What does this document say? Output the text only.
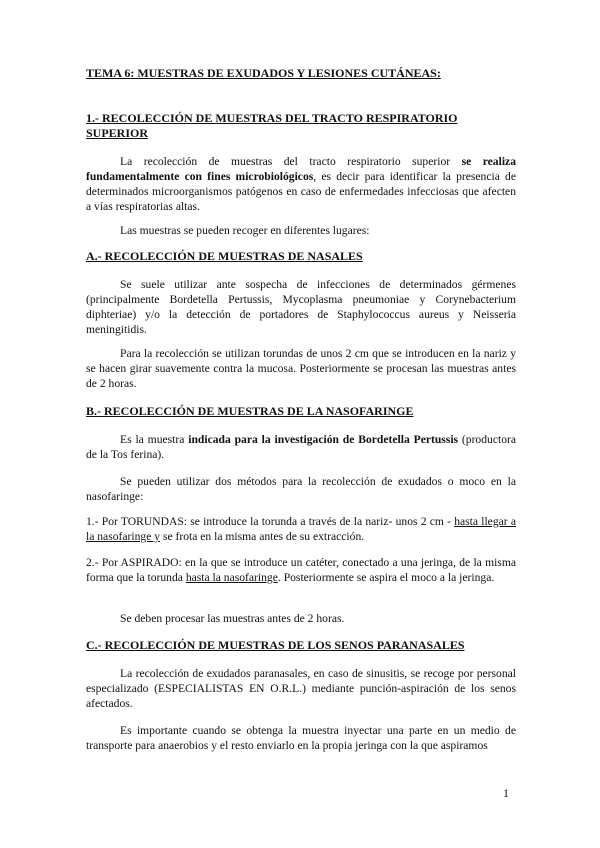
TEMA 6: MUESTRAS DE EXUDADOS Y LESIONES CUTÁNEAS:
1.- RECOLECCIÓN DE MUESTRAS DEL TRACTO RESPIRATORIO SUPERIOR

La recolección de muestras del tracto respiratorio superior se realiza fundamentalmente con fines microbiológicos, es decir para identificar la presencia de determinados microorganismos patógenos en caso de enfermedades infecciosas que afecten a vías respiratorias altas.

Las muestras se pueden recoger en diferentes lugares:

A.- RECOLECCIÓN DE MUESTRAS DE NASALES

Se suele utilizar ante sospecha de infecciones de determinados gérmenes (principalmente Bordetella Pertussis, Mycoplasma pneumoniae y Corynebacterium diphteriae) y/o la detección de portadores de Staphylococcus aureus y Neisseria meningitidis.

Para la recolección se utilizan torundas de unos 2 cm que se introducen en la nariz y se hacen girar suavemente contra la mucosa. Posteriormente se procesan las muestras antes de 2 horas.

B.- RECOLECCIÓN DE MUESTRAS DE LA NASOFARINGE

Es la muestra indicada para la investigación de Bordetella Pertussis (productora de la Tos ferina).

Se pueden utilizar dos métodos para la recolección de exudados o moco en la nasofaringe:

1.- Por TORUNDAS: se introduce la torunda a través de la nariz- unos 2 cm - hasta llegar a la nasofaringe y se frota en la misma antes de su extracción.

2.- Por ASPIRADO: en la que se introduce un catéter, conectado a una jeringa, de la misma forma que la torunda hasta la nasofaringe. Posteriormente se aspira el moco a la jeringa.

Se deben procesar las muestras antes de 2 horas.

C.- RECOLECCIÓN DE MUESTRAS DE LOS SENOS PARANASALES

La recolección de exudados paranasales, en caso de sinusitis, se recoge por personal especializado (ESPECIALISTAS EN O.R.L.) mediante punción-aspiración de los senos afectados.

Es importante cuando se obtenga la muestra inyectar una parte en un medio de transporte para anaerobios y el resto enviarlo en la propia jeringa con la que aspiramos

1
